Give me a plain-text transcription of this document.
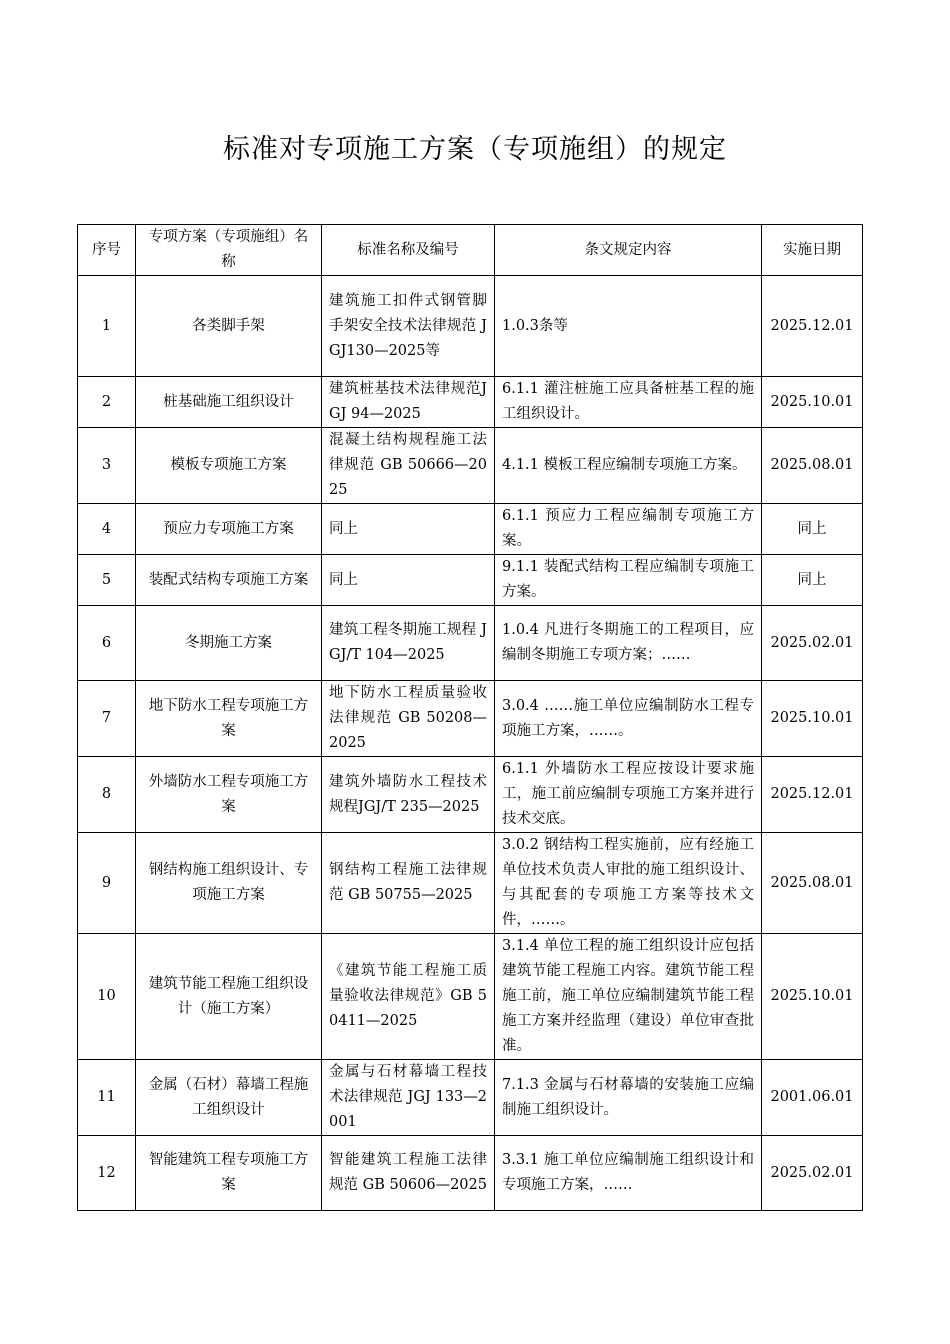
标准对专项施工方案（专项施组）的规定
序号	专项方案（专项施组）名 称	标准名称及编号	条文规定内容	实施日期
1	各类脚手架	建筑施工扣件式钢管脚手架安全技术法律规范 JGJ130—2025等	1.0.3条等	2025.12.01
2	桩基础施工组织设计	建筑桩基技术法律规范JGJ 94—2025	6.1.1 灌注桩施工应具备桩基工程的施工组织设计。	2025.10.01
3	模板专项施工方案	混凝土结构规程施工法律规范 GB 50666—2025	4.1.1 模板工程应编制专项施工方案。	2025.08.01
4	预应力专项施工方案	同上	6.1.1 预应力工程应编制专项施工方案。	同上
5	装配式结构专项施工方案	同上	9.1.1 装配式结构工程应编制专项施工方案。	同上
6	冬期施工方案	建筑工程冬期施工规程 JGJ/T 104—2025	1.0.4 凡进行冬期施工的工程项目，应编制冬期施工专项方案；……	2025.02.01
7	地下防水工程专项施工方案	地下防水工程质量验收法律规范 GB 50208—2025	3.0.4 ……施工单位应编制防水工程专项施工方案，……。	2025.10.01
8	外墙防水工程专项施工方案	建筑外墙防水工程技术规程JGJ/T 235—2025	6.1.1 外墙防水工程应按设计要求施工，施工前应编制专项施工方案并进行技术交底。	2025.12.01
9	钢结构施工组织设计、专项施工方案	钢结构工程施工法律规范 GB 50755—2025	3.0.2 钢结构工程实施前，应有经施工单位技术负责人审批的施工组织设计、与其配套的专项施工方案等技术文件，……。	2025.08.01
10	建筑节能工程施工组织设计（施工方案）	《建筑节能工程施工质量验收法律规范》GB 50411—2025	3.1.4 单位工程的施工组织设计应包括建筑节能工程施工内容。建筑节能工程施工前，施工单位应编制建筑节能工程施工方案并经监理（建设）单位审查批准。	2025.10.01
11	金属（石材）幕墙工程施工组织设计	金属与石材幕墙工程技术法律规范 JGJ 133—2001	7.1.3 金属与石材幕墙的安装施工应编制施工组织设计。	2001.06.01
12	智能建筑工程专项施工方案	智能建筑工程施工法律规范 GB 50606—2025	3.3.1 施工单位应编制施工组织设计和专项施工方案，……	2025.02.01
